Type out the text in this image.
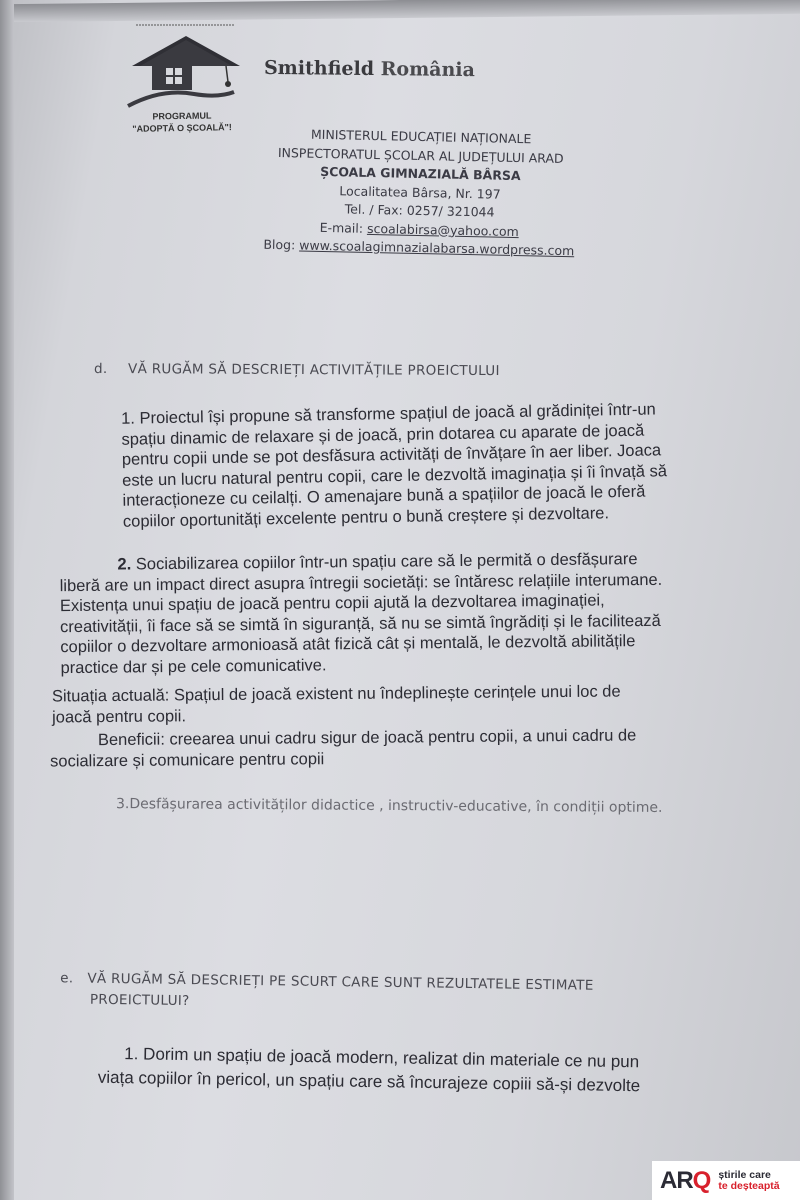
PROGRAMUL
"ADOPTĂ O ȘCOALĂ"!
Smithfield România
MINISTERUL EDUCAȚIEI NAȚIONALE
INSPECTORATUL ȘCOLAR AL JUDEȚULUI ARAD
ȘCOALA GIMNAZIALĂ BÂRSA
Localitatea Bârsa, Nr. 197
Tel. / Fax: 0257/ 321044
E-mail: scoalabirsa@yahoo.com
Blog: www.scoalagimnazialabarsa.wordpress.com
d. VĂ RUGĂM SĂ DESCRIEȚI ACTIVITĂȚILE PROEICTULUI

1. Proiectul își propune să transforme spațiul de joacă al grădiniței într-un

spațiu dinamic de relaxare și de joacă, prin dotarea cu aparate de joacă

pentru copii unde se pot desfăsura activități de învățare în aer liber. Joaca

este un lucru natural pentru copii, care le dezvoltă imaginația și îi învață să

interacționeze cu ceilalți. O amenajare bună a spațiilor de joacă le oferă

copiilor oportunități excelente pentru o bună creștere și dezvoltare.

2. Sociabilizarea copiilor într-un spațiu care să le permită o desfășurare

liberă are un impact direct asupra întregii societăți: se întăresc relațiile interumane.

Existența unui spațiu de joacă pentru copii ajută la dezvoltarea imaginației,

creativității, îi face să se simtă în siguranță, să nu se simtă îngrădiți și le facilitează

copiilor o dezvoltare armonioasă atât fizică cât și mentală, le dezvoltă abilitățile

practice dar și pe cele comunicative.

Situația actuală: Spațiul de joacă existent nu îndeplinește cerințele unui loc de

joacă pentru copii.

Beneficii: creearea unui cadru sigur de joacă pentru copii, a unui cadru de

socializare și comunicare pentru copii

3.Desfășurarea activităților didactice , instructiv-educative, în condiții optime.

e. VĂ RUGĂM SĂ DESCRIEȚI PE SCURT CARE SUNT REZULTATELE ESTIMATE
PROEICTULUI?

1. Dorim un spațiu de joacă modern, realizat din materiale ce nu pun

viața copiilor în pericol, un spațiu care să încurajeze copiii să-și dezvolte

ARQ știrile care
te deșteaptă
